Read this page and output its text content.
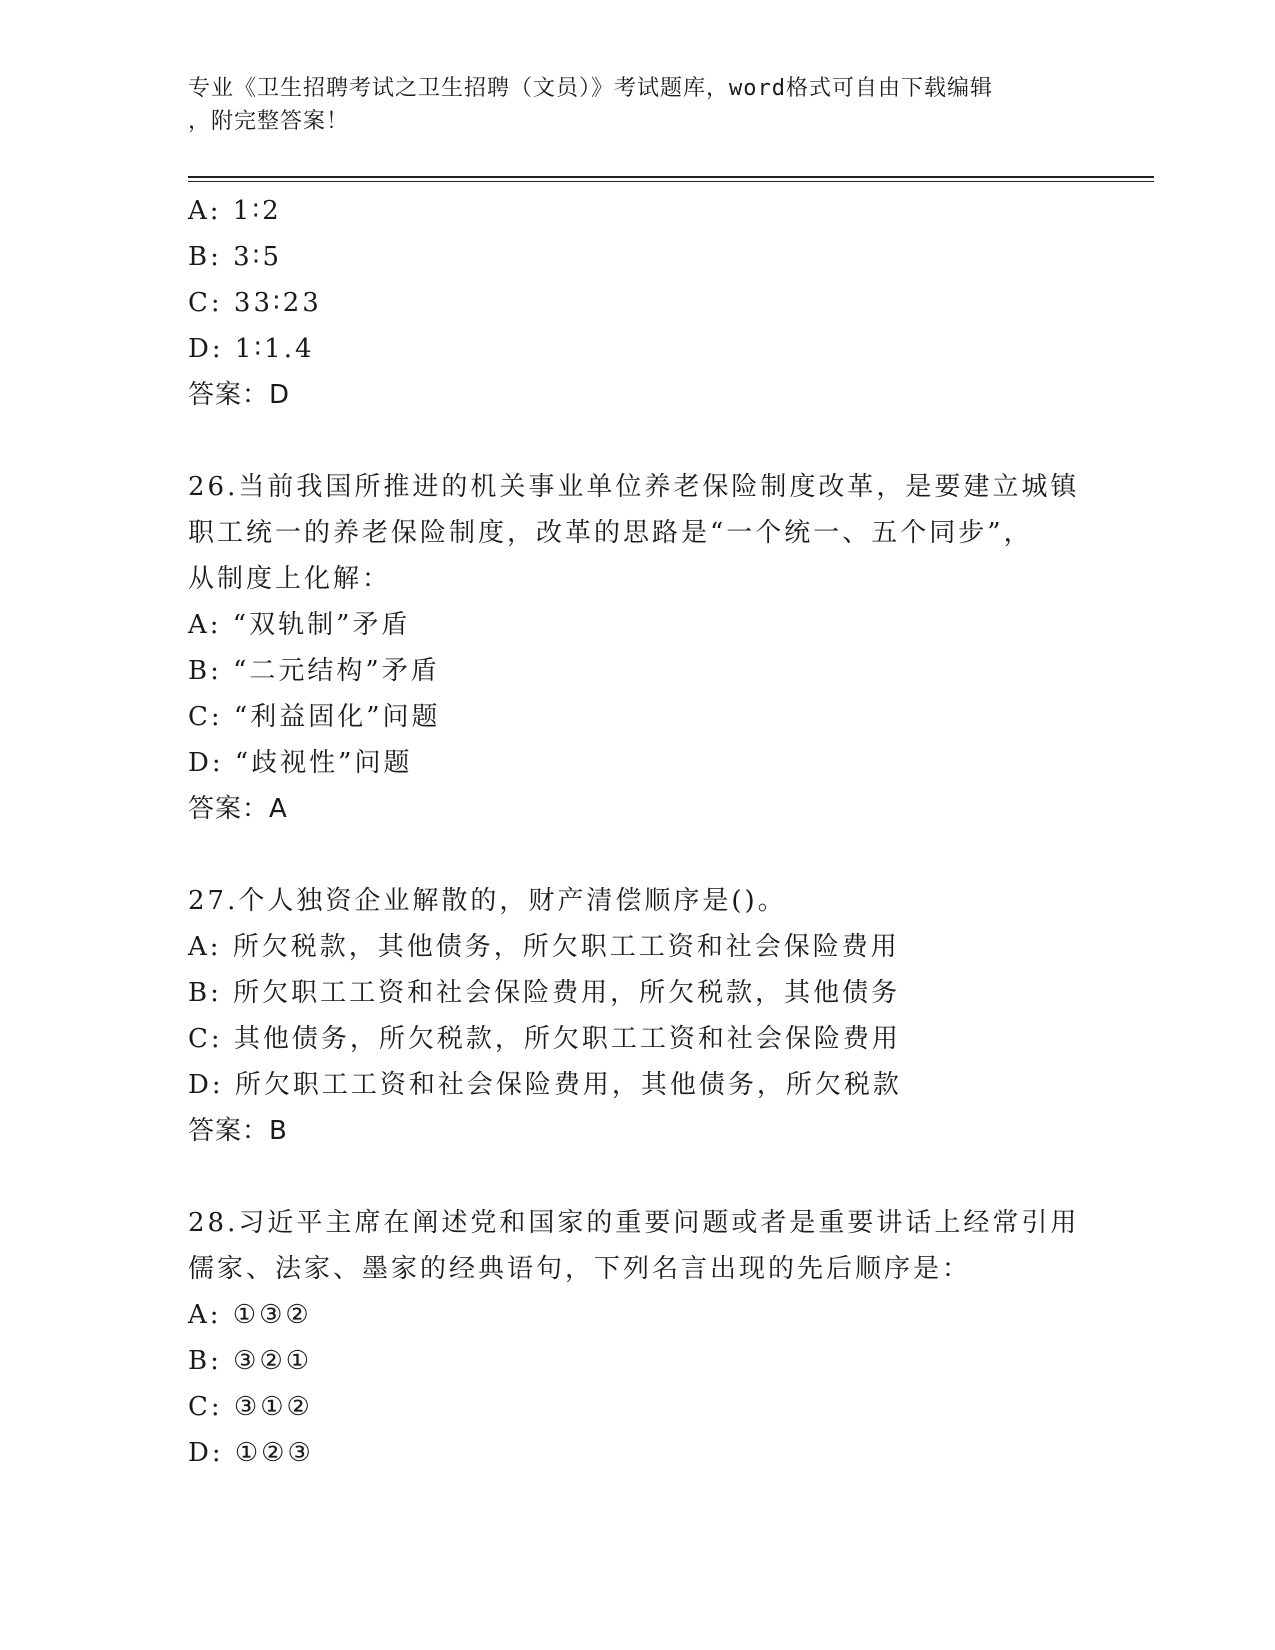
专业《卫生招聘考试之卫生招聘（文员）》考试题库，word格式可自由下载编辑
，附完整答案！
A: 1∶2
B: 3∶5
C: 33∶23
D: 1∶1.4
答案：D
26.当前我国所推进的机关事业单位养老保险制度改革，是要建立城镇
职工统一的养老保险制度，改革的思路是“一个统一、五个同步”，
从制度上化解：
A: “双轨制”矛盾
B: “二元结构”矛盾
C: “利益固化”问题
D: “歧视性”问题
答案：A
27.个人独资企业解散的，财产清偿顺序是()。
A: 所欠税款，其他债务，所欠职工工资和社会保险费用
B: 所欠职工工资和社会保险费用，所欠税款，其他债务
C: 其他债务，所欠税款，所欠职工工资和社会保险费用
D: 所欠职工工资和社会保险费用，其他债务，所欠税款
答案：B
28.习近平主席在阐述党和国家的重要问题或者是重要讲话上经常引用
儒家、法家、墨家的经典语句，下列名言出现的先后顺序是：
A: ①③②
B: ③②①
C: ③①②
D: ①②③
